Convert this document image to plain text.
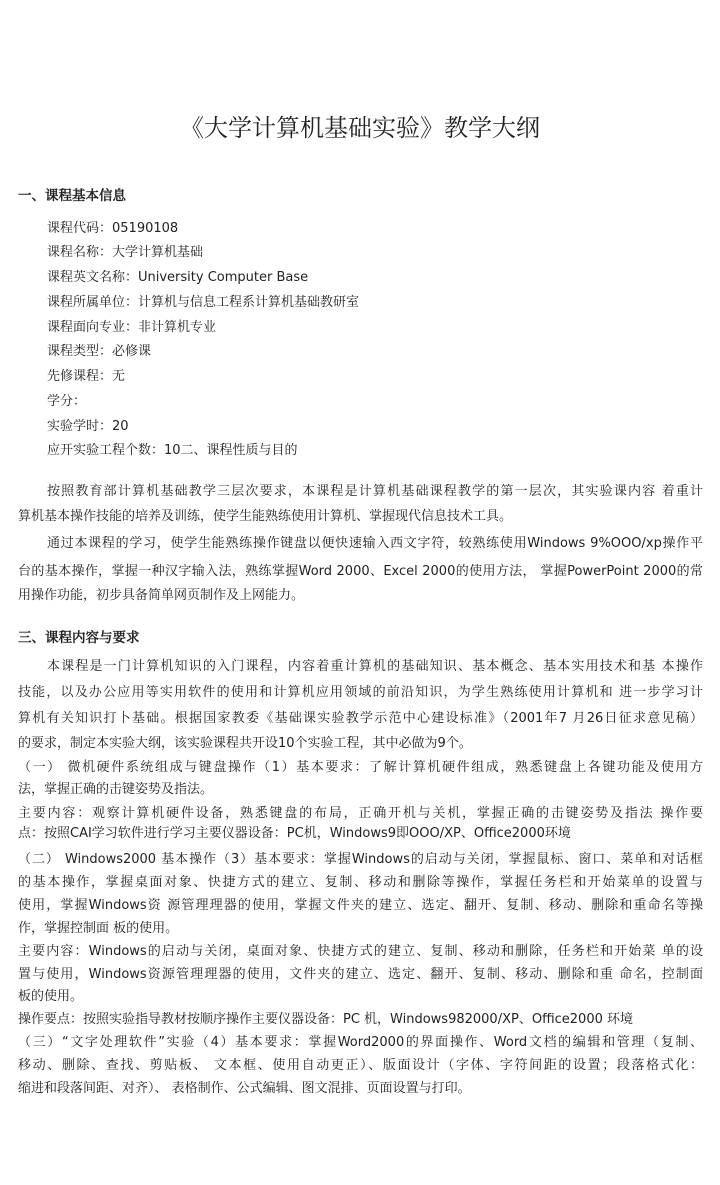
《大学计算机基础实验》教学大纲
一、课程基本信息
课程代码：05190108
课程名称：大学计算机基础
课程英文名称：University Computer Base
课程所属单位：计算机与信息工程系计算机基础教研室
课程面向专业：非计算机专业
课程类型：必修课
先修课程：无
学分：
实验学时：20
应开实验工程个数：10二、课程性质与目的
按照教育部计算机基础教学三层次要求，本课程是计算机基础课程教学的第一层次，其实验课内容 着重计
算机基本操作技能的培养及训练，使学生能熟练使用计算机、掌握现代信息技术工具。
通过本课程的学习，使学生能熟练操作键盘以便快速输入西文字符，较熟练使用Windows 9%OOO/xp操作平
台的基本操作，掌握一种汉字输入法，熟练掌握Word 2000、Excel 2000的使用方法， 掌握PowerPoint 2000的常
用操作功能，初步具备简单网页制作及上网能力。
三、课程内容与要求
本课程是一门计算机知识的入门课程，内容着重计算机的基础知识、基本概念、基本实用技术和基 本操作
技能，以及办公应用等实用软件的使用和计算机应用领域的前沿知识，为学生熟练使用计算机和 进一步学习计
算机有关知识打卜基础。根据国家教委《基础课实验教学示范中心建设标准》（2001年7 月26日征求意见稿）
的要求，制定本实验大纲，该实验课程共开设10个实验工程，其中必做为9个。
（一） 微机硬件系统组成与键盘操作（1）基本要求：了解计算机硬件组成，熟悉键盘上各键功能及使用方
法，掌握正确的击键姿势及指法。
主要内容：观察计算机硬件设备，熟悉键盘的布局，正确开机与关机，掌握正确的击键姿势及指法 操作要
点：按照CAI学习软件进行学习主要仪器设备：PC机，Windows9即OOO/XP、Office2000环境
（二） Windows2000 基本操作（3）基本要求：掌握Windows的启动与关闭，掌握鼠标、窗口、菜单和对话框
的基本操作，掌握桌面对象、快捷方式的建立、复制、移动和删除等操作，掌握任务栏和开始菜单的设置与
使用，掌握Windows资 源管理理器的使用，掌握文件夹的建立、选定、翻开、复制、移动、删除和重命名等操
作，掌握控制面 板的使用。
主要内容：Windows的启动与关闭，桌面对象、快捷方式的建立、复制、移动和删除，任务栏和开始菜 单的设
置与使用，Windows资源管理理器的使用，文件夹的建立、选定、翻开、复制、移动、删除和重 命名，控制面
板的使用。
操作要点：按照实验指导教材按顺序操作主要仪器设备：PC 机，Windows982000/XP、Office2000 环境
（三）“文字处理软件”实验（4）基本要求：掌握Word2000的界面操作、Word文档的编辑和管理（复制、
移动、删除、查找、剪贴板、 文本框、使用自动更正）、版面设计（字体、字符间距的设置；段落格式化：
缩进和段落间距、对齐）、 表格制作、公式编辑、图文混排、页面设置与打印。
